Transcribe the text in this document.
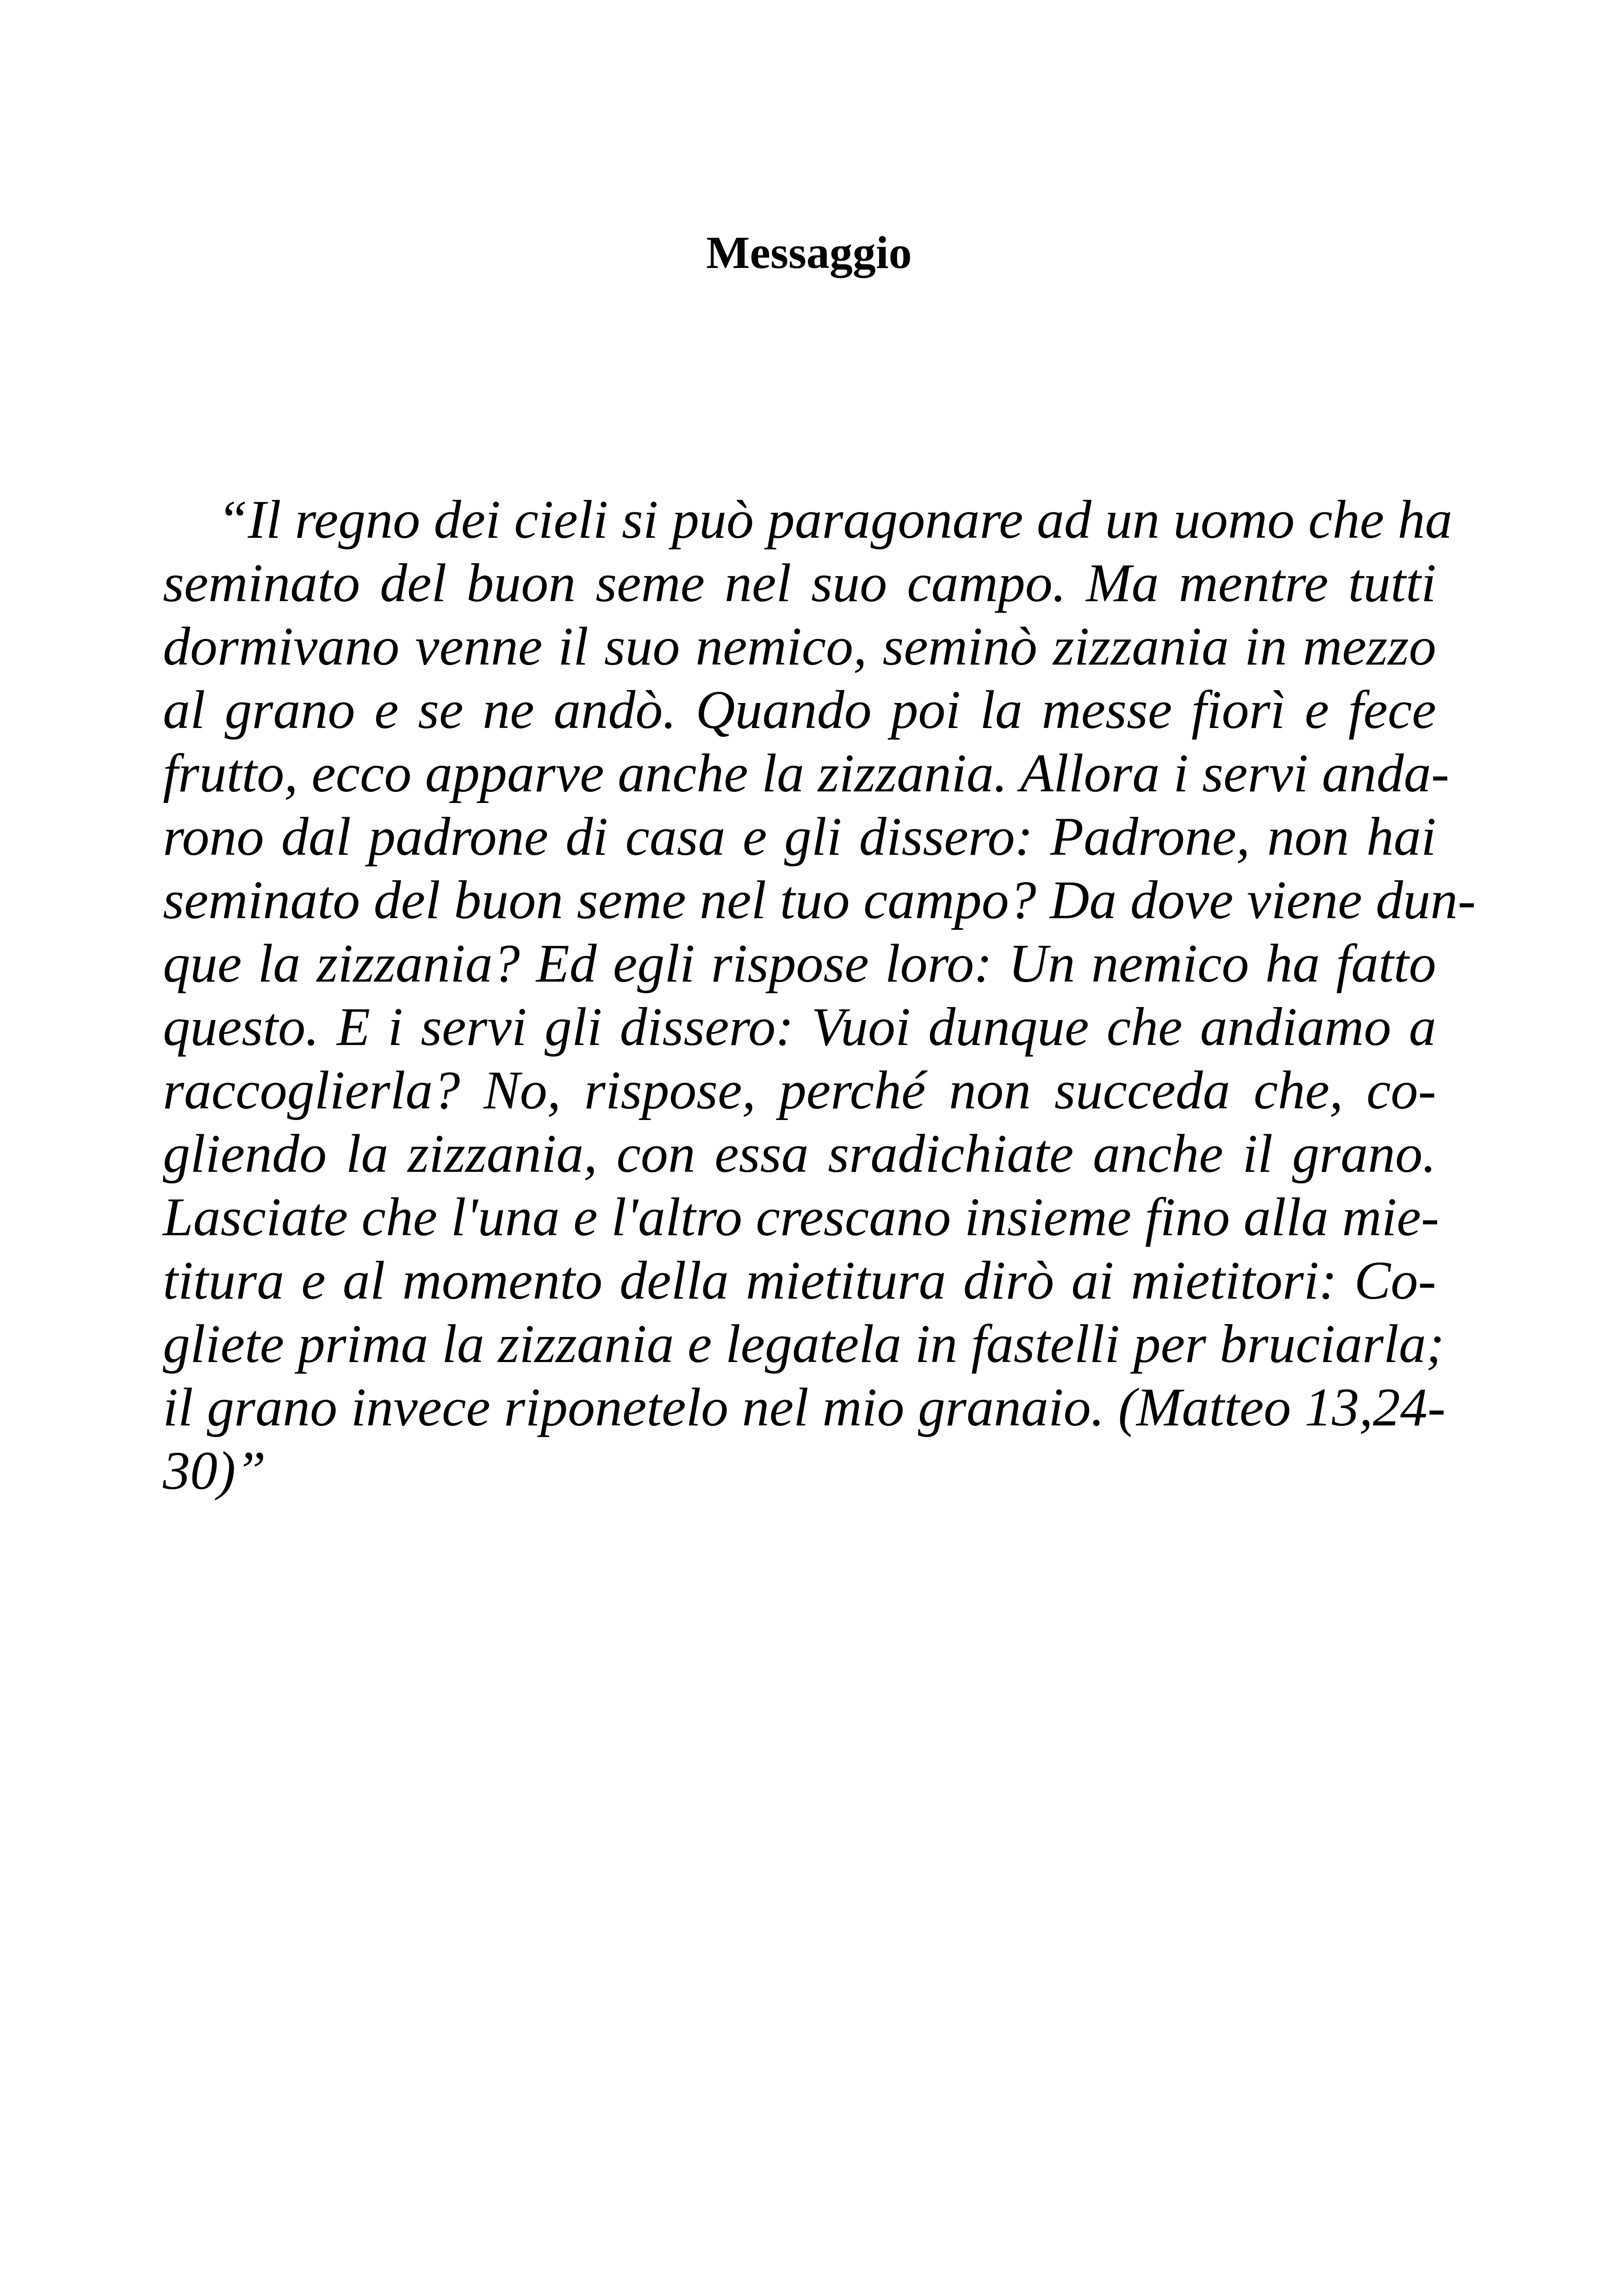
Messaggio
“Il regno dei cieli si può paragonare ad un uomo che ha
seminato del buon seme nel suo campo. Ma mentre tutti
dormivano venne il suo nemico, seminò zizzania in mezzo
al grano e se ne andò. Quando poi la messe fiorì e fece
frutto, ecco apparve anche la zizzania. Allora i servi anda-
rono dal padrone di casa e gli dissero: Padrone, non hai
seminato del buon seme nel tuo campo? Da dove viene dun-
que la zizzania? Ed egli rispose loro: Un nemico ha fatto
questo. E i servi gli dissero: Vuoi dunque che andiamo a
raccoglierla? No, rispose, perché non succeda che, co-
gliendo la zizzania, con essa sradichiate anche il grano.
Lasciate che l'una e l'altro crescano insieme fino alla mie-
titura e al momento della mietitura dirò ai mietitori: Co-
gliete prima la zizzania e legatela in fastelli per bruciarla;
il grano invece riponetelo nel mio granaio. (Matteo 13,24-
30)”
